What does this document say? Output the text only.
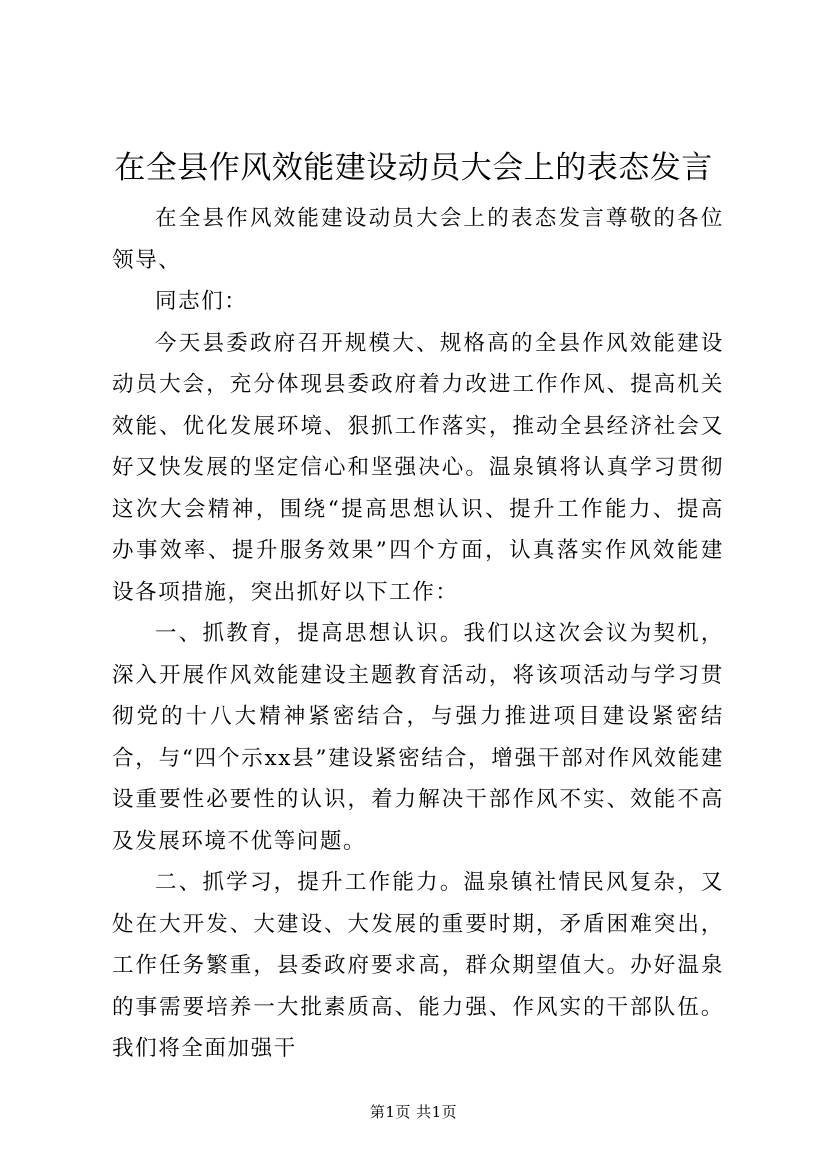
在全县作风效能建设动员大会上的表态发言

在全县作风效能建设动员大会上的表态发言尊敬的各位领导、

同志们：

今天县委政府召开规模大、规格高的全县作风效能建设动员大会，充分体现县委政府着力改进工作作风、提高机关效能、优化发展环境、狠抓工作落实，推动全县经济社会又好又快发展的坚定信心和坚强决心。温泉镇将认真学习贯彻这次大会精神，围绕“提高思想认识、提升工作能力、提高办事效率、提升服务效果”四个方面，认真落实作风效能建设各项措施，突出抓好以下工作：

一、抓教育，提高思想认识。我们以这次会议为契机，深入开展作风效能建设主题教育活动，将该项活动与学习贯彻党的十八大精神紧密结合，与强力推进项目建设紧密结合，与“四个示xx县”建设紧密结合，增强干部对作风效能建设重要性必要性的认识，着力解决干部作风不实、效能不高及发展环境不优等问题。

二、抓学习，提升工作能力。温泉镇社情民风复杂，又处在大开发、大建设、大发展的重要时期，矛盾困难突出，工作任务繁重，县委政府要求高，群众期望值大。办好温泉的事需要培养一大批素质高、能力强、作风实的干部队伍。我们将全面加强干

第1页 共1页
